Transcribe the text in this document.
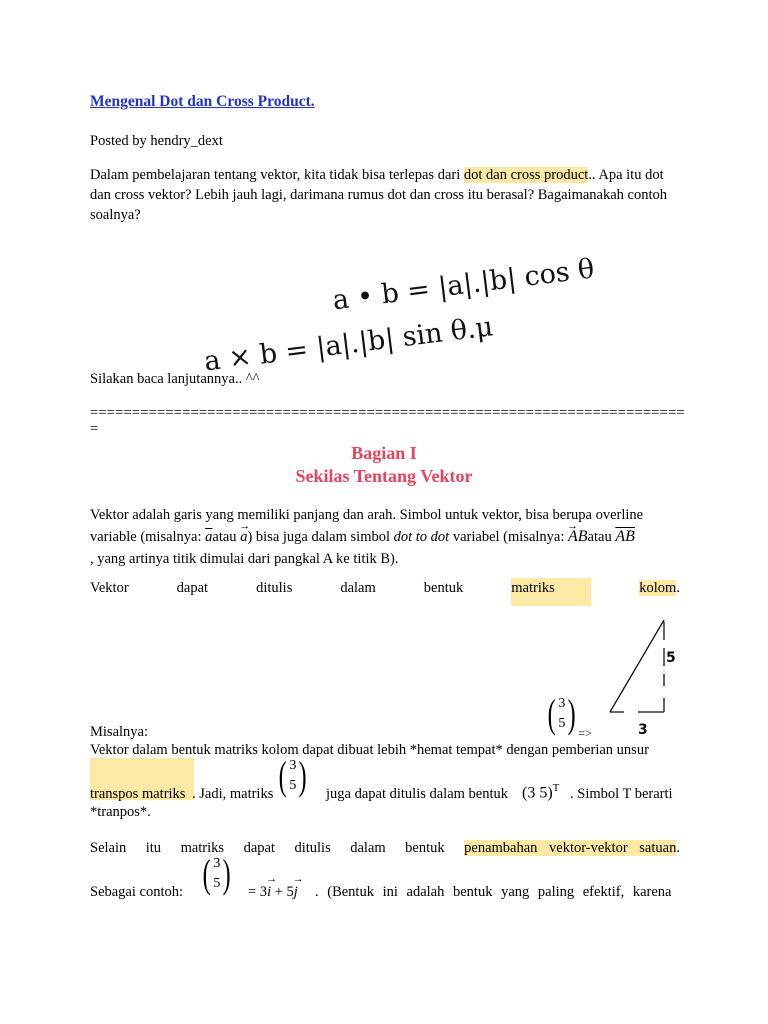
Mengenal Dot dan Cross Product.
Posted by hendry_dext
Dalam pembelajaran tentang vektor, kita tidak bisa terlepas dari dot dan cross product.. Apa itu dot dan cross vektor? Lebih jauh lagi, darimana rumus dot dan cross itu berasal? Bagaimanakah contoh soalnya?
a • b = |a|.|b| cos θ
a × b = |a|.|b| sin θ.μ
Silakan baca lanjutannya.. ^^
========================================================================
Bagian I
Sekilas Tentang Vektor
Vektor adalah garis yang memiliki panjang dan arah. Simbol untuk vektor, bisa berupa overline
variable (misalnya: $\overline{a}atau \to a$) bisa juga dalam simbol dot to dot variabel (misalnya: → ABatau $\overline{AB}$
, yang artinya titik dimulai dari pangkal A ke titik B).
Vektor	dapat	ditulis	dalam	bentuk	matriks	kolom.
5
3
( 3
5 ) $_{=>}$
Misalnya:
Vektor dalam bentuk matriks kolom dapat dibuat lebih *hemat tempat* dengan pemberian unsur
transpos matriks . Jadi, matriks ( 3
5 ) juga dapat ditulis dalam bentuk (3 5)$^T$ . Simbol T berarti
*tranpos*.
Selain itu matriks dapat ditulis dalam bentuk penambahan vektor-vektor satuan.
Sebagai contoh: ( 3
5 ) = 3→ i + 5→ j . (Bentuk ini adalah bentuk yang paling efektif, karena
